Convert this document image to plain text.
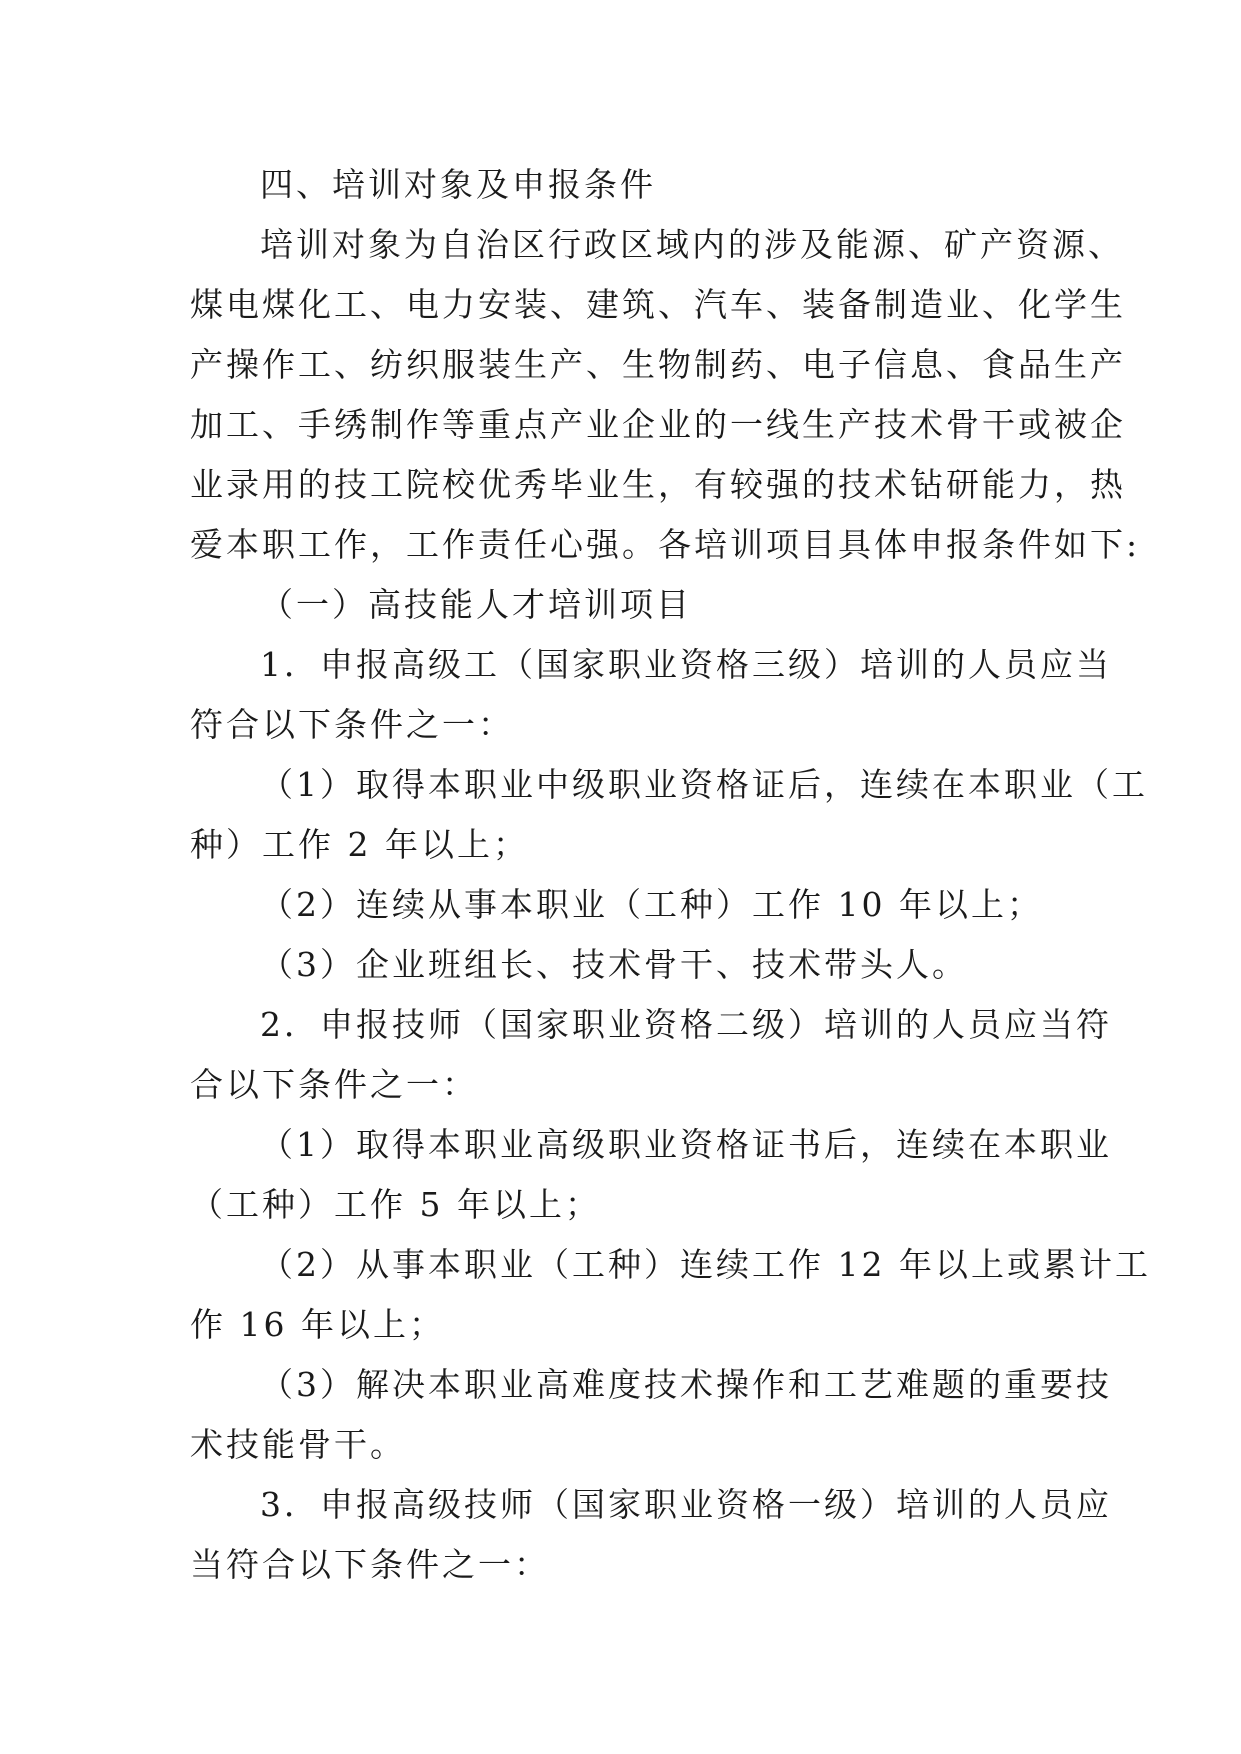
四、培训对象及申报条件
培训对象为自治区行政区域内的涉及能源、矿产资源、
煤电煤化工、电力安装、建筑、汽车、装备制造业、化学生
产操作工、纺织服装生产、生物制药、电子信息、食品生产
加工、手绣制作等重点产业企业的一线生产技术骨干或被企
业录用的技工院校优秀毕业生，有较强的技术钻研能力，热
爱本职工作，工作责任心强。各培训项目具体申报条件如下:
（一）高技能人才培训项目
1．申报高级工（国家职业资格三级）培训的人员应当
符合以下条件之一：
（1）取得本职业中级职业资格证后，连续在本职业（工
种）工作 2 年以上；
（2）连续从事本职业（工种）工作 10 年以上；
（3）企业班组长、技术骨干、技术带头人。
2．申报技师（国家职业资格二级）培训的人员应当符
合以下条件之一：
（1）取得本职业高级职业资格证书后，连续在本职业
（工种）工作 5 年以上；
（2）从事本职业（工种）连续工作 12 年以上或累计工
作 16 年以上；
（3）解决本职业高难度技术操作和工艺难题的重要技
术技能骨干。
3．申报高级技师（国家职业资格一级）培训的人员应
当符合以下条件之一：
